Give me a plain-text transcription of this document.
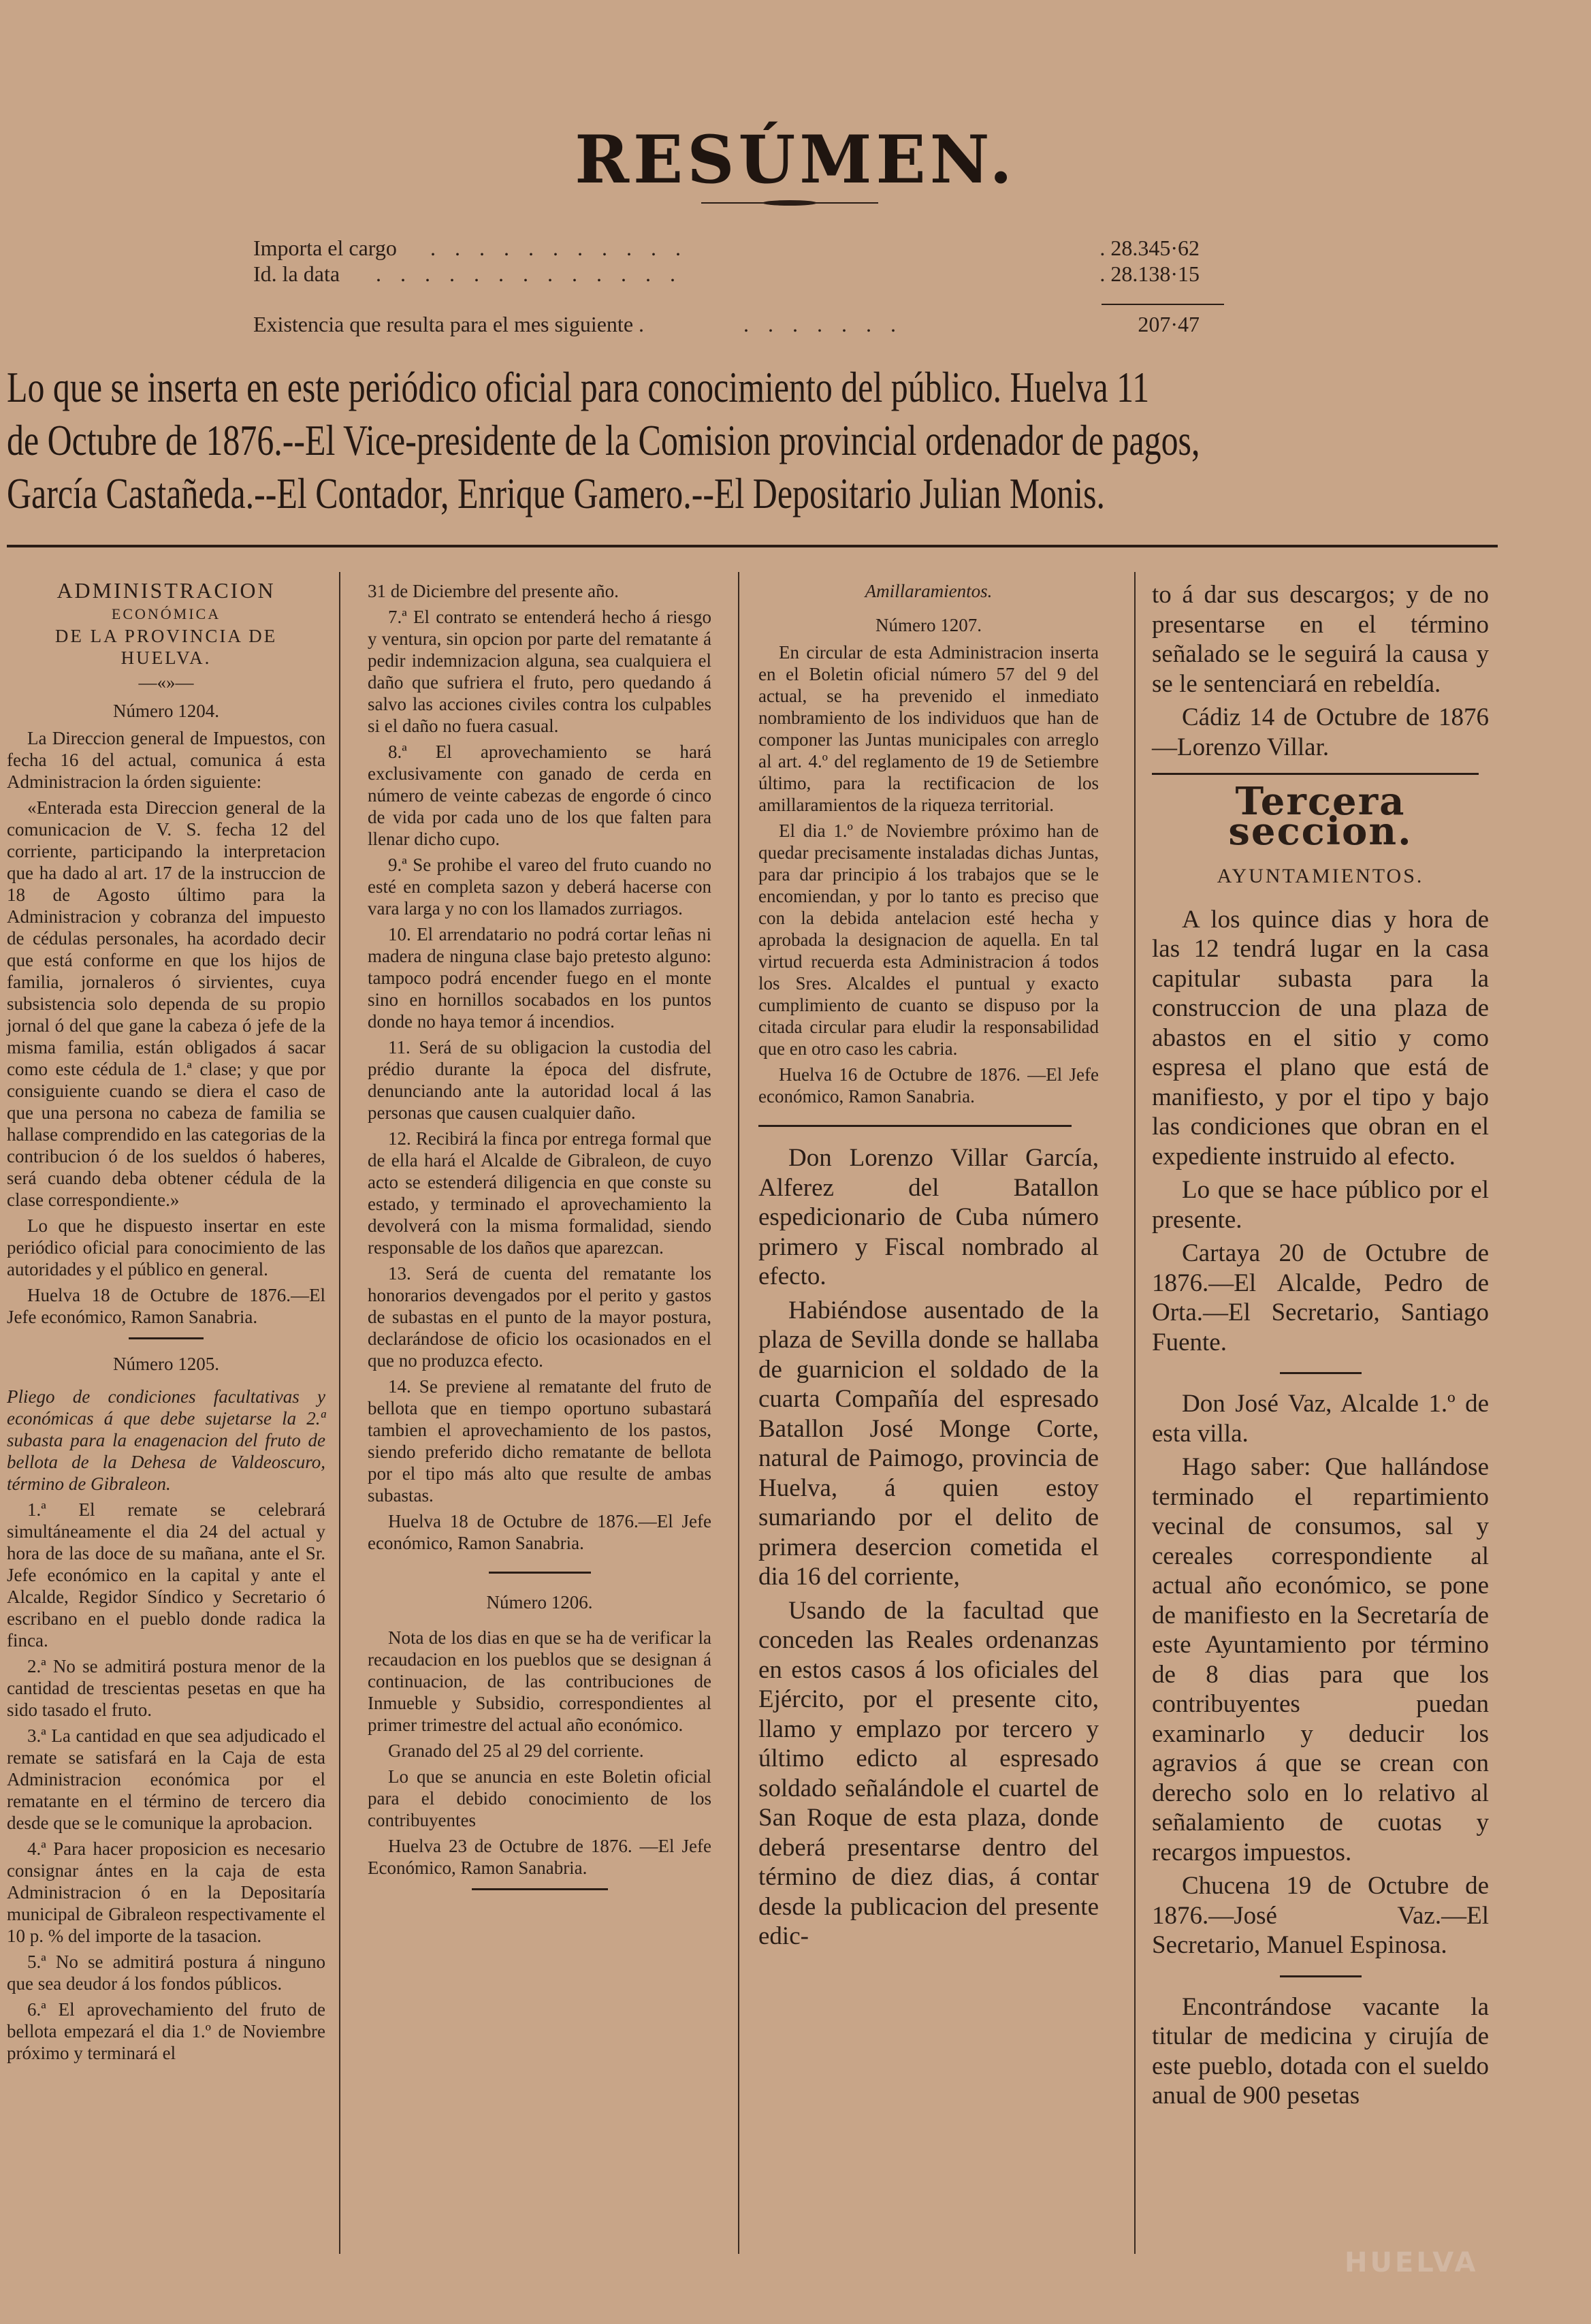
RESÚMEN.
Importa el cargo . . . . . . . . . . .	. 28.345·62
Id. la data . . . . . . . . . . . . .	. 28.138·15
Existencia que resulta para el mes siguiente .	. . . . . . .	207·47

Lo que se inserta en este periódico oficial para conocimiento del público. Huelva 11

de Octubre de 1876.--El Vice-presidente de la Comision provincial ordenador de pagos,

García Castañeda.--El Contador, Enrique Gamero.--El Depositario Julian Monis.

ADMINISTRACION
ECONÓMICA
DE LA PROVINCIA DE HUELVA.
—«»—
Número 1204.

La Direccion general de Impuestos, con fecha 16 del actual, comunica á esta Administracion la órden siguiente:

«Enterada esta Direccion general de la comunicacion de V. S. fecha 12 del corriente, participando la interpretacion que ha dado al art. 17 de la instruccion de 18 de Agosto último para la Administracion y cobranza del impuesto de cédulas personales, ha acordado decir que está conforme en que los hijos de familia, jornaleros ó sirvientes, cuya subsistencia solo dependa de su propio jornal ó del que gane la cabeza ó jefe de la misma familia, están obligados á sacar como este cédula de 1.ª clase; y que por consiguiente cuando se diera el caso de que una persona no cabeza de familia se hallase comprendido en las categorias de la contribucion ó de los sueldos ó haberes, será cuando deba obtener cédula de la clase correspondiente.»

Lo que he dispuesto insertar en este periódico oficial para conocimiento de las autoridades y el público en general.

Huelva 18 de Octubre de 1876.—El Jefe económico, Ramon Sanabria.

Número 1205.

Pliego de condiciones facultativas y económicas á que debe sujetarse la 2.ª subasta para la enagenacion del fruto de bellota de la Dehesa de Valdeoscuro, término de Gibraleon.

1.ª El remate se celebrará simultáneamente el dia 24 del actual y hora de las doce de su mañana, ante el Sr. Jefe económico en la capital y ante el Alcalde, Regidor Síndico y Secretario ó escribano en el pueblo donde radica la finca.

2.ª No se admitirá postura menor de la cantidad de trescientas pesetas en que ha sido tasado el fruto.

3.ª La cantidad en que sea adjudicado el remate se satisfará en la Caja de esta Administracion económica por el rematante en el término de tercero dia desde que se le comunique la aprobacion.

4.ª Para hacer proposicion es necesario consignar ántes en la caja de esta Administracion ó en la Depositaría municipal de Gibraleon respectivamente el 10 p. % del importe de la tasacion.

5.ª No se admitirá postura á ninguno que sea deudor á los fondos públicos.

6.ª El aprovechamiento del fruto de bellota empezará el dia 1.º de Noviembre próximo y terminará el

31 de Diciembre del presente año.

7.ª El contrato se entenderá hecho á riesgo y ventura, sin opcion por parte del rematante á pedir indemnizacion alguna, sea cualquiera el daño que sufriera el fruto, pero quedando á salvo las acciones civiles contra los culpables si el daño no fuera casual.

8.ª El aprovechamiento se hará exclusivamente con ganado de cerda en número de veinte cabezas de engorde ó cinco de vida por cada uno de los que falten para llenar dicho cupo.

9.ª Se prohibe el vareo del fruto cuando no esté en completa sazon y deberá hacerse con vara larga y no con los llamados zurriagos.

10. El arrendatario no podrá cortar leñas ni madera de ninguna clase bajo pretesto alguno: tampoco podrá encender fuego en el monte sino en hornillos socabados en los puntos donde no haya temor á incendios.

11. Será de su obligacion la custodia del prédio durante la época del disfrute, denunciando ante la autoridad local á las personas que causen cualquier daño.

12. Recibirá la finca por entrega formal que de ella hará el Alcalde de Gibraleon, de cuyo acto se estenderá diligencia en que conste su estado, y terminado el aprovechamiento la devolverá con la misma formalidad, siendo responsable de los daños que aparezcan.

13. Será de cuenta del rematante los honorarios devengados por el perito y gastos de subastas en el punto de la mayor postura, declarándose de oficio los ocasionados en el que no produzca efecto.

14. Se previene al rematante del fruto de bellota que en tiempo oportuno subastará tambien el aprovechamiento de los pastos, siendo preferido dicho rematante de bellota por el tipo más alto que resulte de ambas subastas.

Huelva 18 de Octubre de 1876.—El Jefe económico, Ramon Sanabria.

Número 1206.

Nota de los dias en que se ha de verificar la recaudacion en los pueblos que se designan á continuacion, de las contribuciones de Inmueble y Subsidio, correspondientes al primer trimestre del actual año económico.

Granado del 25 al 29 del corriente.

Lo que se anuncia en este Boletin oficial para el debido conocimiento de los contribuyentes

Huelva 23 de Octubre de 1876. —El Jefe Económico, Ramon Sanabria.

Amillaramientos.
Número 1207.

En circular de esta Administracion inserta en el Boletin oficial número 57 del 9 del actual, se ha prevenido el inmediato nombramiento de los individuos que han de componer las Juntas municipales con arreglo al art. 4.º del reglamento de 19 de Setiembre último, para la rectificacion de los amillaramientos de la riqueza territorial.

El dia 1.º de Noviembre próximo han de quedar precisamente instaladas dichas Juntas, para dar principio á los trabajos que se le encomiendan, y por lo tanto es preciso que con la debida antelacion esté hecha y aprobada la designacion de aquella. En tal virtud recuerda esta Administracion á todos los Sres. Alcaldes el puntual y exacto cumplimiento de cuanto se dispuso por la citada circular para eludir la responsabilidad que en otro caso les cabria.

Huelva 16 de Octubre de 1876. —El Jefe económico, Ramon Sanabria.

Don Lorenzo Villar García, Alferez del Batallon espedicionario de Cuba número primero y Fiscal nombrado al efecto.

Habiéndose ausentado de la plaza de Sevilla donde se hallaba de guarnicion el soldado de la cuarta Compañía del espresado Batallon José Monge Corte, natural de Paimogo, provincia de Huelva, á quien estoy sumariando por el delito de primera desercion cometida el dia 16 del corriente,

Usando de la facultad que conceden las Reales ordenanzas en estos casos á los oficiales del Ejército, por el presente cito, llamo y emplazo por tercero y último edicto al espresado soldado señalándole el cuartel de San Roque de esta plaza, donde deberá presentarse dentro del término de diez dias, á contar desde la publicacion del presente edic-

to á dar sus descargos; y de no presentarse en el término señalado se le seguirá la causa y se le sentenciará en rebeldía.

Cádiz 14 de Octubre de 1876 —Lorenzo Villar.

Tercera seccion.
AYUNTAMIENTOS.

A los quince dias y hora de las 12 tendrá lugar en la casa capitular subasta para la construccion de una plaza de abastos en el sitio y como espresa el plano que está de manifiesto, y por el tipo y bajo las condiciones que obran en el expediente instruido al efecto.

Lo que se hace público por el presente.

Cartaya 20 de Octubre de 1876.—El Alcalde, Pedro de Orta.—El Secretario, Santiago Fuente.

Don José Vaz, Alcalde 1.º de esta villa.

Hago saber: Que hallándose terminado el repartimiento vecinal de consumos, sal y cereales correspondiente al actual año económico, se pone de manifiesto en la Secretaría de este Ayuntamiento por término de 8 dias para que los contribuyentes puedan examinarlo y deducir los agravios á que se crean con derecho solo en lo relativo al señalamiento de cuotas y recargos impuestos.

Chucena 19 de Octubre de 1876.—José Vaz.—El Secretario, Manuel Espinosa.

Encontrándose vacante la titular de medicina y cirujía de este pueblo, dotada con el sueldo anual de 900 pesetas

HUELVA
